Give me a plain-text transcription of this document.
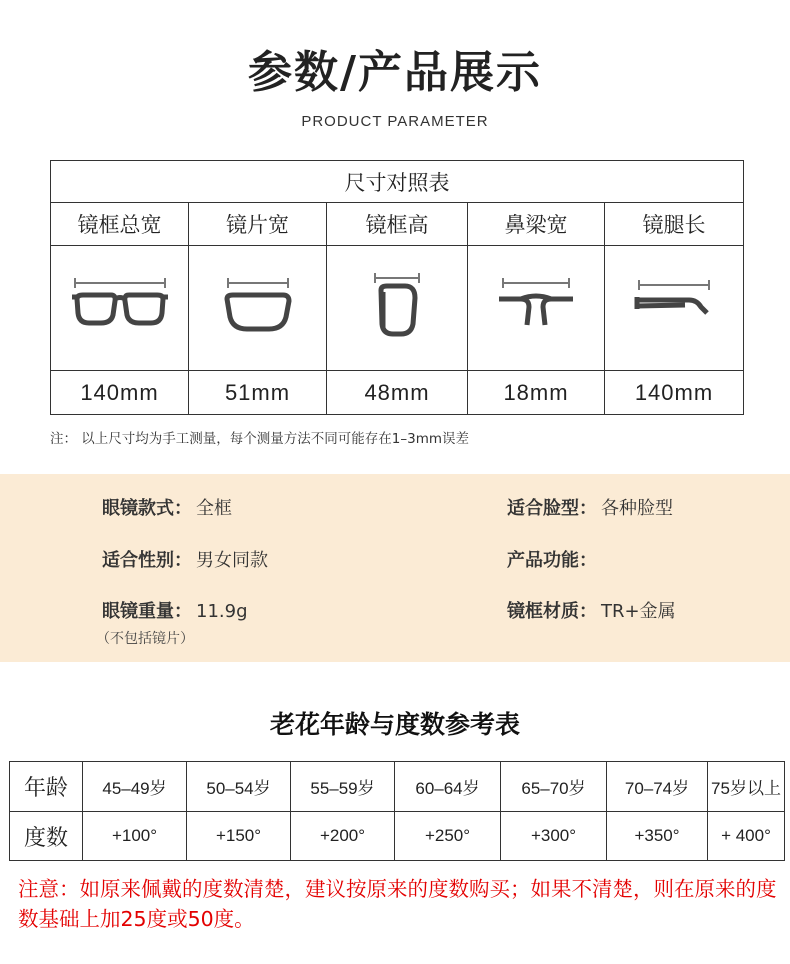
参数/产品展示
PRODUCT PARAMETER
尺寸对照表
镜框总宽	镜片宽	镜框高	鼻梁宽	镜腿长
140mm	51mm	48mm	18mm	140mm
注： 以上尺寸均为手工测量，每个测量方法不同可能存在1–3mm误差
眼镜款式： 全框	适合脸型： 各种脸型
适合性别： 男女同款	产品功能：
眼镜重量： 11.9g
（不包括镜片）
镜框材质： TR+金属
老花年龄与度数参考表
年龄	45–49岁	50–54岁	55–59岁	60–64岁	65–70岁	70–74岁	75岁以上
度数	+100°	+150°	+200°	+250°	+300°	+350°	+ 400°
注意：如原来佩戴的度数清楚，建议按原来的度数购买；如果不清楚，则在原来的度数基础上加25度或50度。
